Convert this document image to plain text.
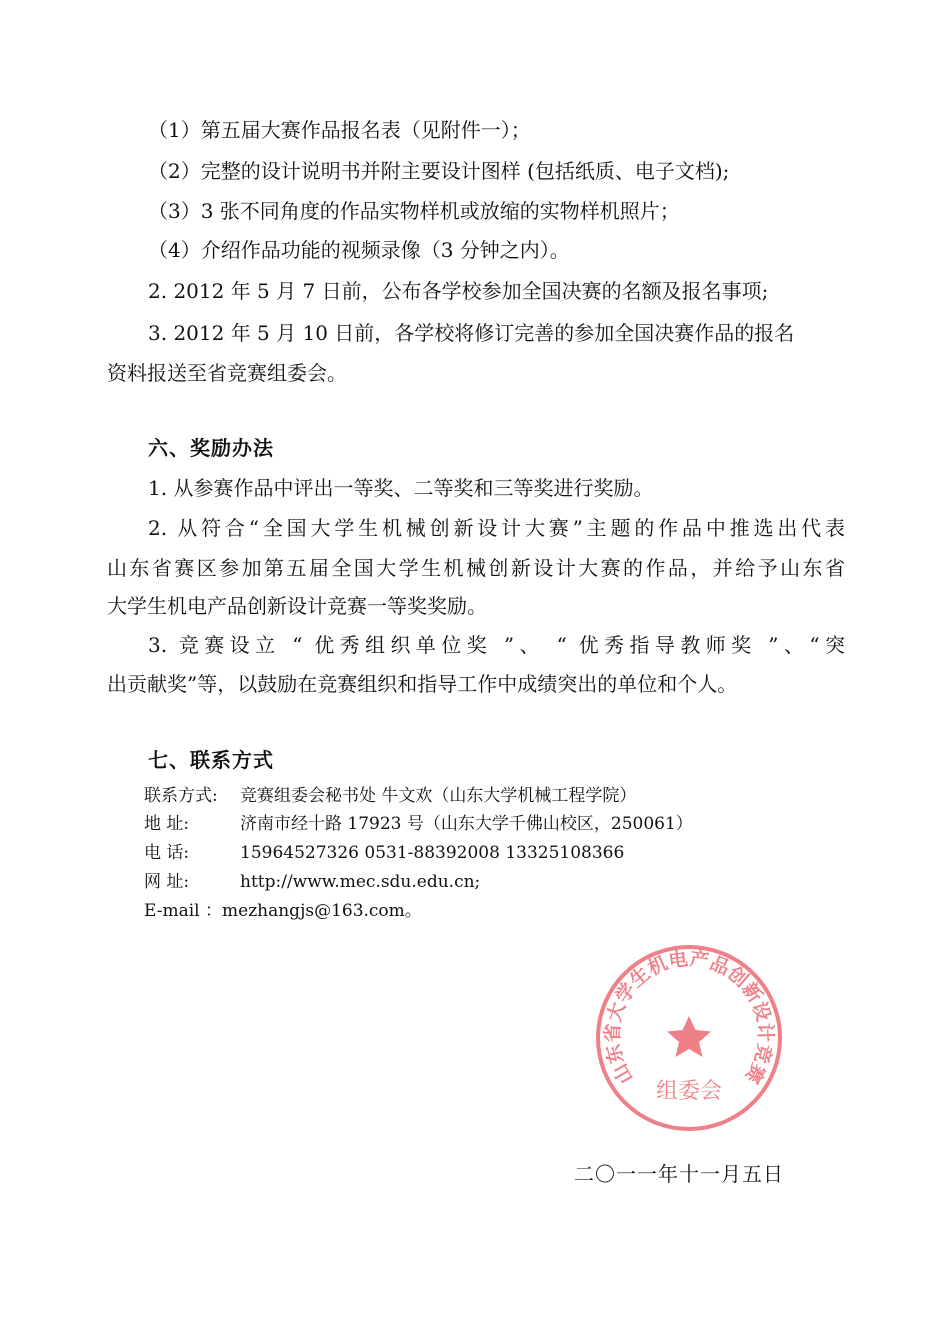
（1）第五届大赛作品报名表（见附件一）；
（2）完整的设计说明书并附主要设计图样 (包括纸质、电子文档);
（3）3 张不同角度的作品实物样机或放缩的实物样机照片；
（4）介绍作品功能的视频录像（3 分钟之内）。
2. 2012 年 5 月 7 日前，公布各学校参加全国决赛的名额及报名事项;
3. 2012 年 5 月 10 日前，各学校将修订完善的参加全国决赛作品的报名
资料报送至省竞赛组委会。
六、奖励办法
1. 从参赛作品中评出一等奖、二等奖和三等奖进行奖励。
2. 从符合“全国大学生机械创新设计大赛”主题的作品中推选出代表
山东省赛区参加第五届全国大学生机械创新设计大赛的作品，并给予山东省
大学生机电产品创新设计竞赛一等奖奖励。
3. 竞赛设立 “ 优秀组织单位奖 ”、 “ 优秀指导教师奖 ”、“突
出贡献奖”等，以鼓励在竞赛组织和指导工作中成绩突出的单位和个人。
七、联系方式
联系方式: 竞赛组委会秘书处 牛文欢（山东大学机械工程学院）
地 址:	济南市经十路 17923 号（山东大学千佛山校区，250061）
电 话:	15964527326 0531-88392008 13325108366
网 址:	http://www.mec.sdu.edu.cn;
E-mail ：mezhangjs@163.com。
山东省大学生机电产品创新设计竞赛
组委会
二〇一一年十一月五日
